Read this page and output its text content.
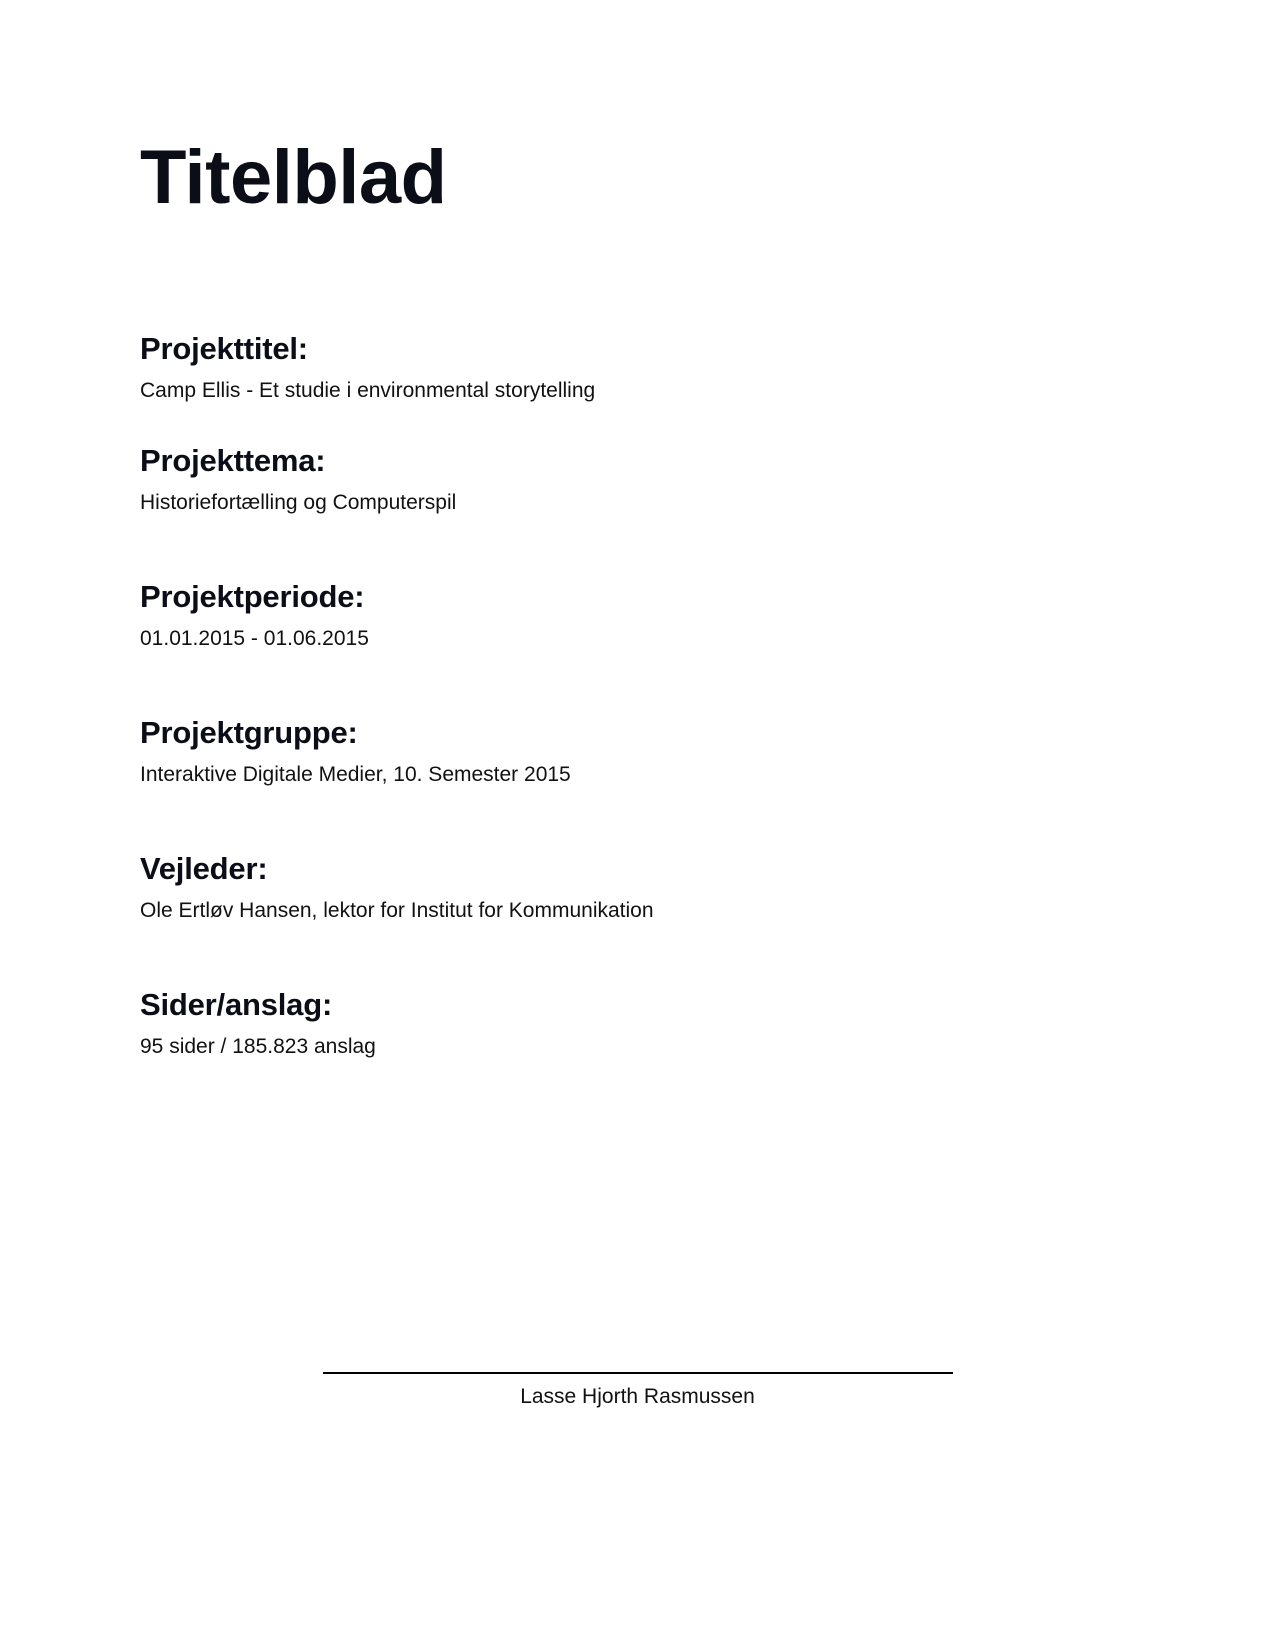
Titelblad
Projekttitel:

Camp Ellis - Et studie i environmental storytelling

Projekttema:

Historiefortælling og Computerspil

Projektperiode:

01.01.2015 - 01.06.2015

Projektgruppe:

Interaktive Digitale Medier, 10. Semester 2015

Vejleder:

Ole Ertløv Hansen, lektor for Institut for Kommunikation

Sider/anslag:

95 sider / 185.823 anslag

Lasse Hjorth Rasmussen
